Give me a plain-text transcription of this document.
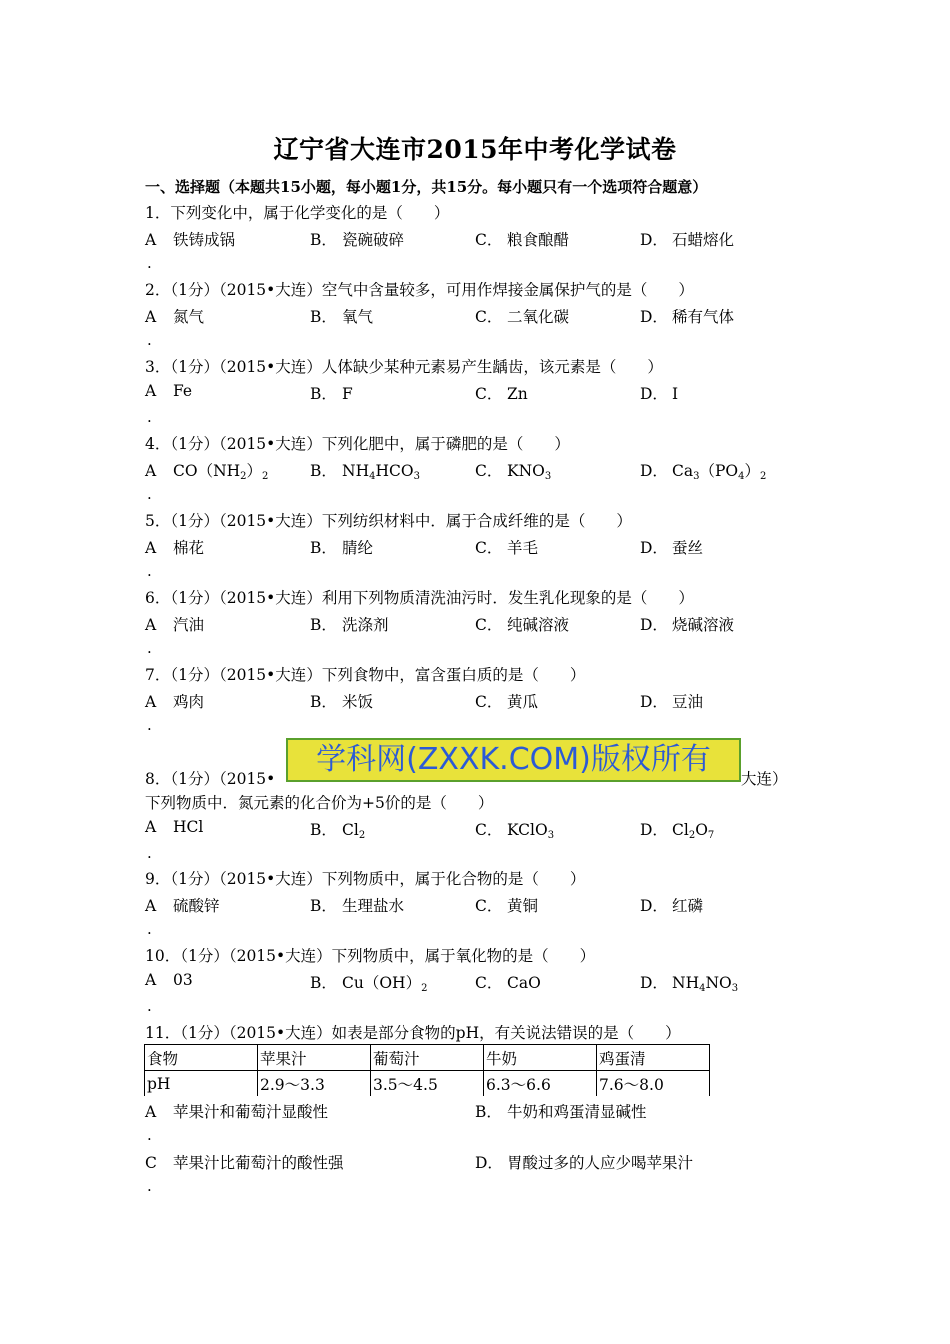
辽宁省大连市2015年中考化学试卷
一、选择题（本题共15小题，每小题1分，共15分。每小题只有一个选项符合题意）
1．下列变化中，属于化学变化的是（　　）
A 铁铸成锅	B． 瓷碗破碎	C． 粮食酿醋	D． 石蜡熔化
.
2．（1分）（2015•大连）空气中含量较多，可用作焊接金属保护气的是（　　）
A 氮气	B． 氧气	C． 二氧化碳	D． 稀有气体
.
3．（1分）（2015•大连）人体缺少某种元素易产生龋齿，该元素是（　　）
A Fe	B． F	C． Zn	D． I
.
4．（1分）（2015•大连）下列化肥中，属于磷肥的是（　　）
A $CO(NH_2)_2$	B． $NH_4HCO_3$	C． $KNO_3$	D． $Ca_3(PO_4)_2$
.
5．（1分）（2015•大连）下列纺织材料中．属于合成纤维的是（　　）
A 棉花	B． 腈纶	C． 羊毛	D． 蚕丝
.
6．（1分）（2015•大连）利用下列物质清洗油污时．发生乳化现象的是（　　）
A 汽油	B． 洗涤剂	C． 纯碱溶液	D． 烧碱溶液
.
7．（1分）（2015•大连）下列食物中，富含蛋白质的是（　　）
A 鸡肉	B． 米饭	C． 黄瓜	D． 豆油
.
8．（1分）（2015•	大连）
下列物质中．氮元素的化合价为+5价的是（　　）
A HCl	B． $Cl_2$	C． KClO$_3$	D． $Cl_2O_7$
.
学科网(ZXXK.COM)版权所有
9．（1分）（2015•大连）下列物质中，属于化合物的是（　　）
A 硫酸锌	B． 生理盐水	C． 黄铜	D． 红磷
.
10．（1分）（2015•大连）下列物质中，属于氧化物的是（　　）
A 03	B． $Cu(OH)_2$	C． CaO	D． $NH_4NO_3$
.
11．（1分）（2015•大连）如表是部分食物的pH，有关说法错误的是（　　）
食物	苹果汁	葡萄汁	牛奶	鸡蛋清
pH	2.9～3.3	3.5～4.5	6.3～6.6	7.6～8.0
A 苹果汁和葡萄汁显酸性	B． 牛奶和鸡蛋清显碱性
.
C 苹果汁比葡萄汁的酸性强	D． 胃酸过多的人应少喝苹果汁
.
